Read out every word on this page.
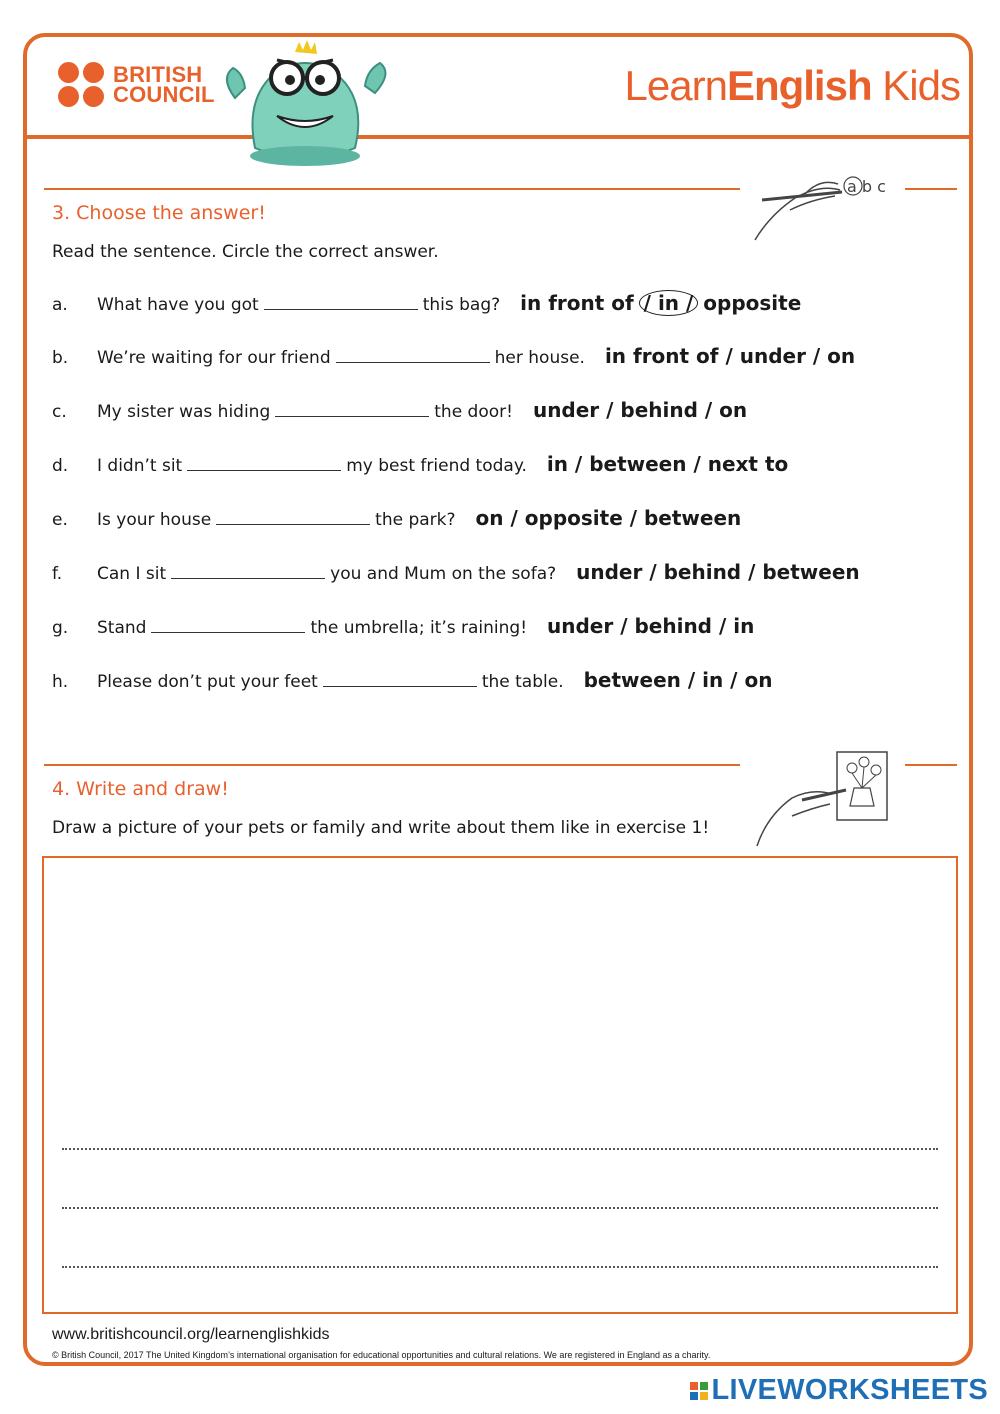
BRITISH
COUNCIL	LearnEnglish Kids
a b c
3. Choose the answer!
Read the sentence. Circle the correct answer.
a.	What have you got	this bag? in front of / in / opposite
b.	We’re waiting for our friend	her house. in front of / under / on
c.	My sister was hiding	the door! under / behind / on
d.	I didn’t sit	my best friend today. in / between / next to
e.	Is your house	the park? on / opposite / between
f.	Can I sit	you and Mum on the sofa? under / behind / between
g.	Stand	the umbrella; it’s raining! under / behind / in
h.	Please don’t put your feet	the table. between / in / on
4. Write and draw!
Draw a picture of your pets or family and write about them like in exercise 1!
www.britishcouncil.org/learnenglishkids
© British Council, 2017 The United Kingdom’s international organisation for educational opportunities and cultural relations. We are registered in England as a charity.
LIVEWORKSHEETS
